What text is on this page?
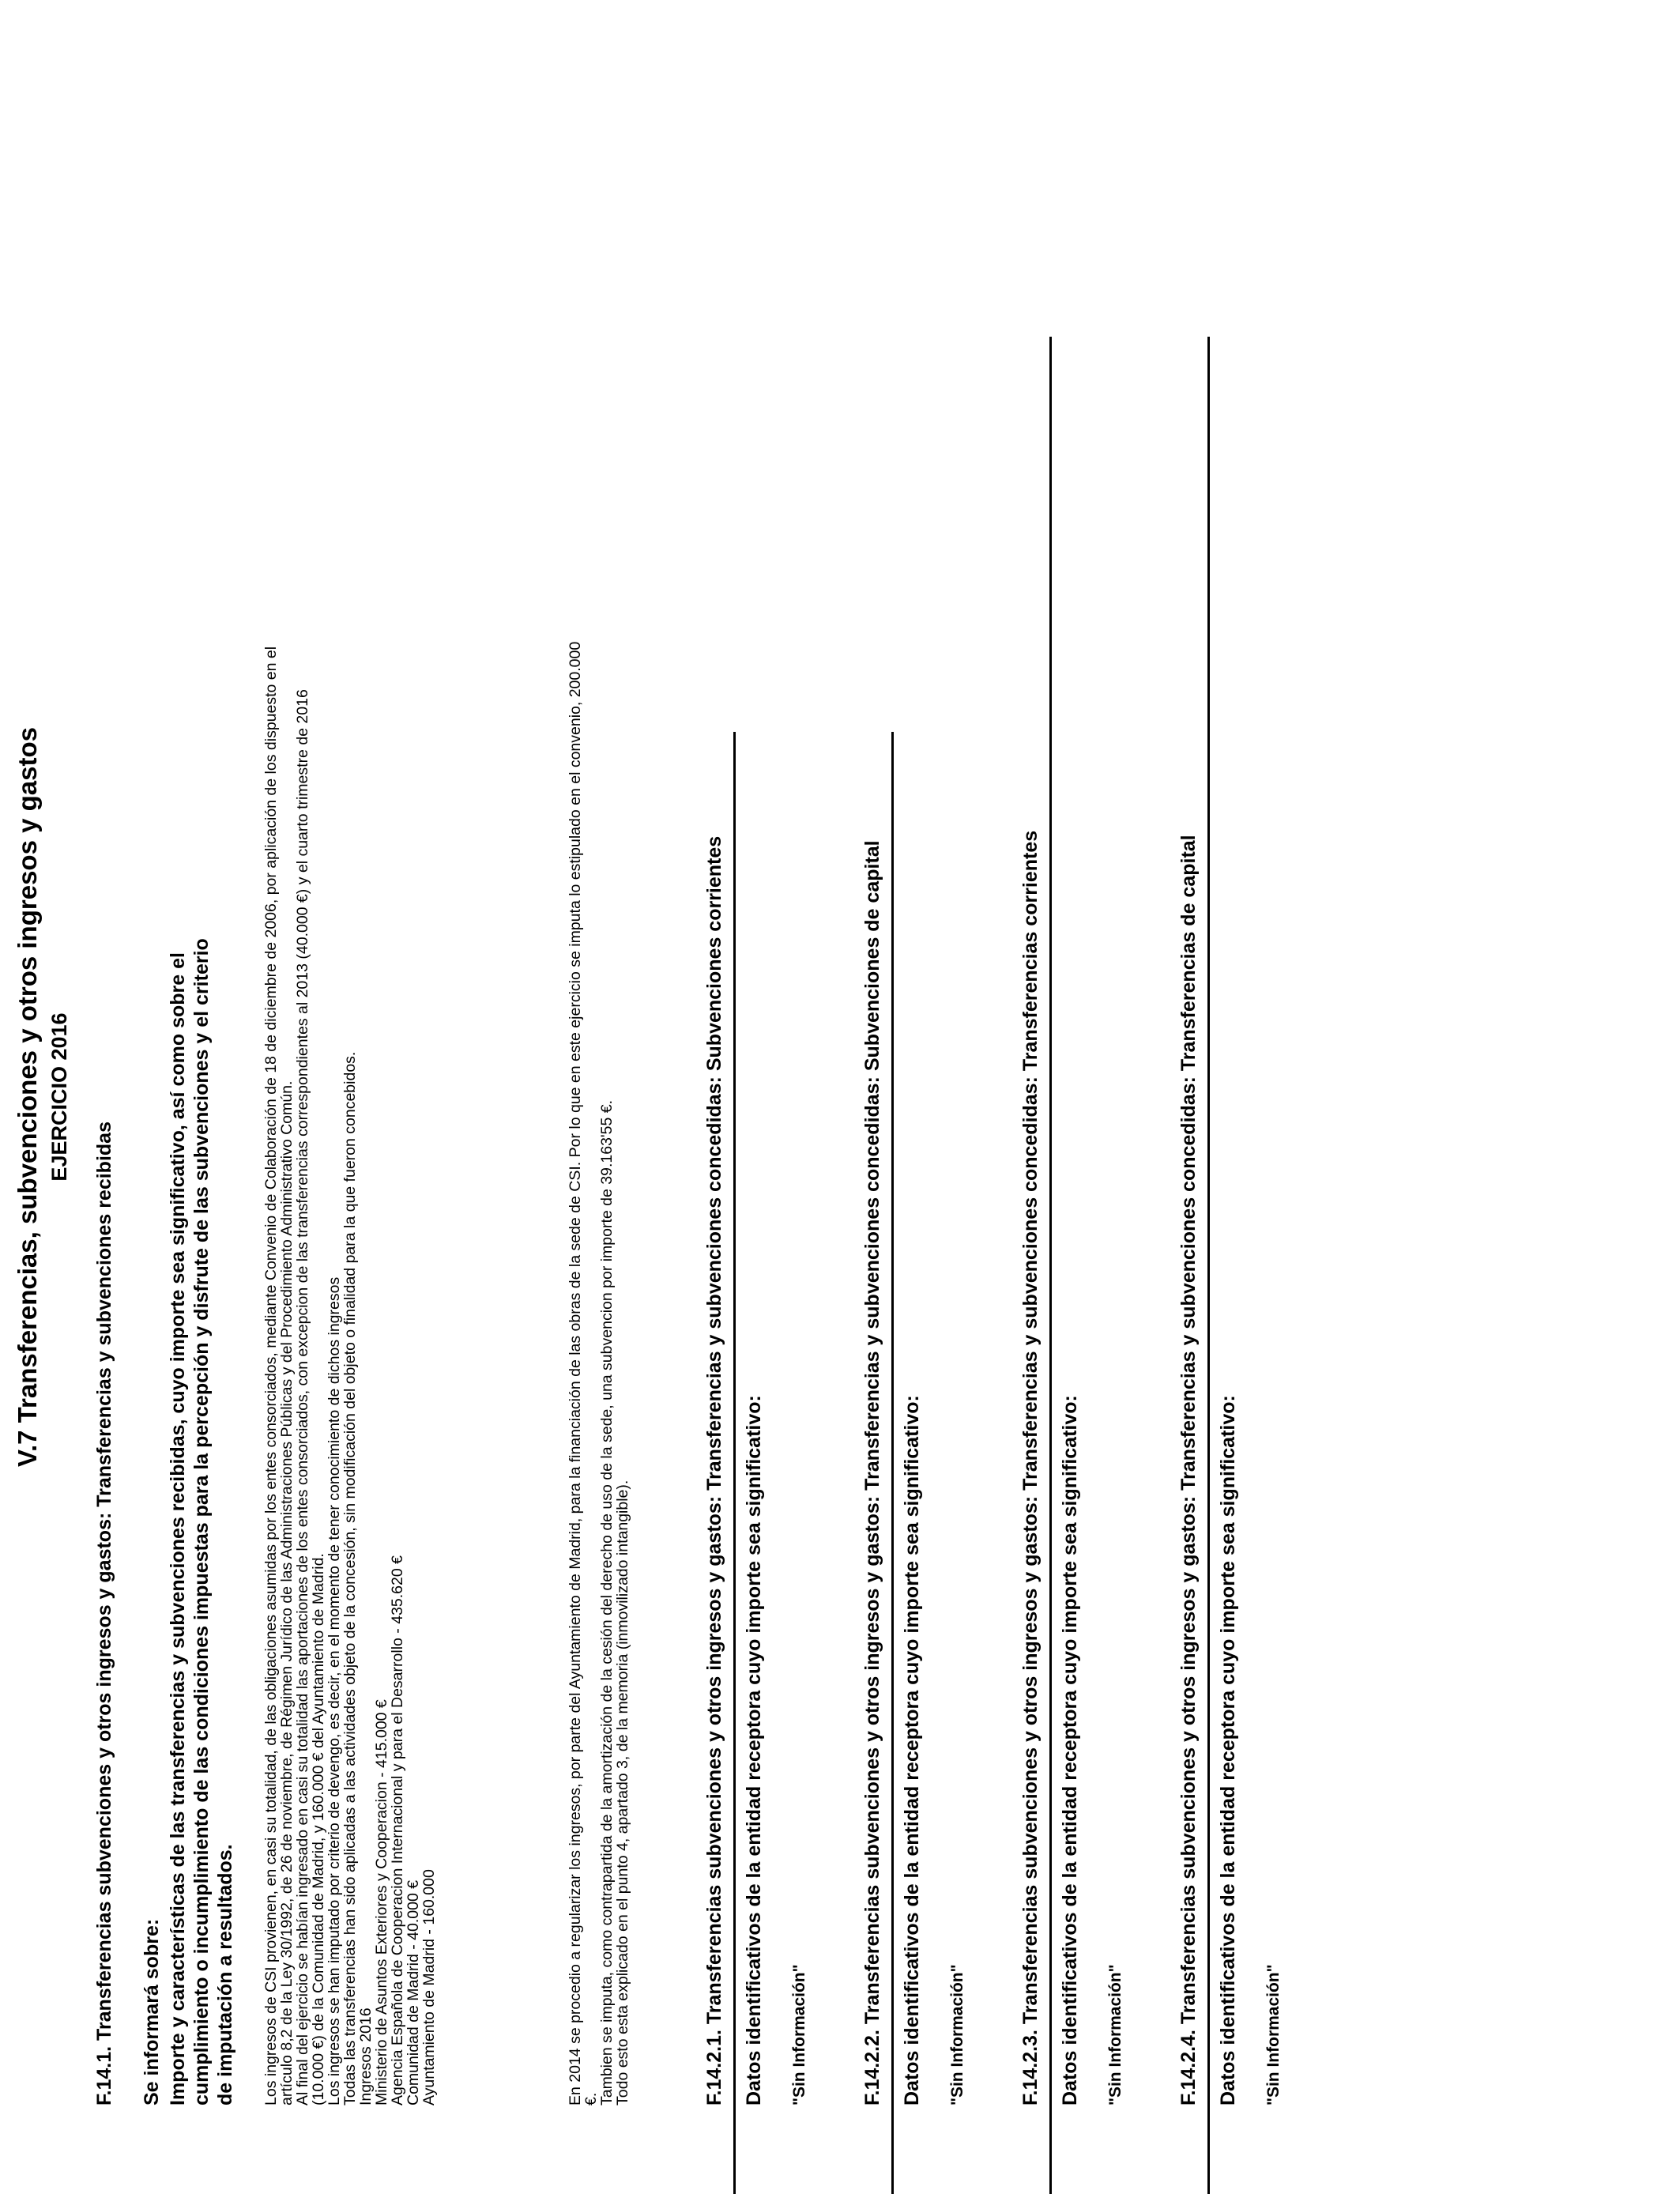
V.7 Transferencias, subvenciones y otros ingresos y gastos EJERCICIO 2016
F.14.1. Transferencias subvenciones y otros ingresos y gastos: Transferencias y subvenciones recibidas Se informará sobre: Importe y características de las transferencias y subvenciones recibidas, cuyo importe sea significativo, así como sobre el cumplimiento o incumplimiento de las condiciones impuestas para la percepción y disfrute de las subvenciones y el criterio de imputación a resultados. Los ingresos de CSI provienen, en casi su totalidad, de las obligaciones asumidas por los entes consorciados, mediante Convenio de Colaboración de 18 de diciembre de 2006, por aplicación de los dispuesto en el
artículo 8,2 de la Ley 30/1992, de 26 de noviembre, de Régimen Jurídico de las Administraciones Públicas y del Procedimiento Administrativo Común.
Al final del ejercicio se habían ingresado en casi su totalidad las aportaciones de los entes consorciados, con excepcion de las transferencias correspondientes al 2013 (40.000 €) y el cuarto trimestre de 2016
(10.000 €) de la Comunidad de Madrid, y 160.000 € del Ayuntamiento de Madrid.
Los ingresos se han imputado por criterio de devengo, es decir, en el momento de tener conocimiento de dichos ingresos
Todas las transferencias han sido aplicadas a las actividades objeto de la concesión, sin modificación del objeto o finalidad para la que fueron concebidos.
Ingresos 2016
Ministerio de Asuntos Exteriores y Cooperacion - 415.000 €
Agencia Española de Cooperacion Internacional y para el Desarrollo - 435.620 €
Comunidad de Madrid - 40.000 €
Ayuntamiento de Madrid - 160.000	En 2014 se procedio a regularizar los ingresos, por parte del Ayuntamiento de Madrid, para la financiación de las obras de la sede de CSI. Por lo que en este ejercicio se imputa lo estipulado en el convenio, 200.000
€.
Tambien se imputa, como contrapartida de la amortización de la cesión del derecho de uso de la sede, una subvencion por importe de 39.163'55 €.
Todo esto esta explicado en el punto 4, apartado 3, de la memoria (inmovilizado intangible).	F.14.2.1. Transferencias subvenciones y otros ingresos y gastos: Transferencias y subvenciones concedidas: Subvenciones corrientes Datos identificativos de la entidad receptora cuyo importe sea significativo: "Sin Información"	F.14.2.2. Transferencias subvenciones y otros ingresos y gastos: Transferencias y subvenciones concedidas: Subvenciones de capital Datos identificativos de la entidad receptora cuyo importe sea significativo: "Sin Información"	F.14.2.3. Transferencias subvenciones y otros ingresos y gastos: Transferencias y subvenciones concedidas: Transferencias corrientes Datos identificativos de la entidad receptora cuyo importe sea significativo: "Sin Información"	F.14.2.4. Transferencias subvenciones y otros ingresos y gastos: Transferencias y subvenciones concedidas: Transferencias de capital Datos identificativos de la entidad receptora cuyo importe sea significativo: "Sin Información"
